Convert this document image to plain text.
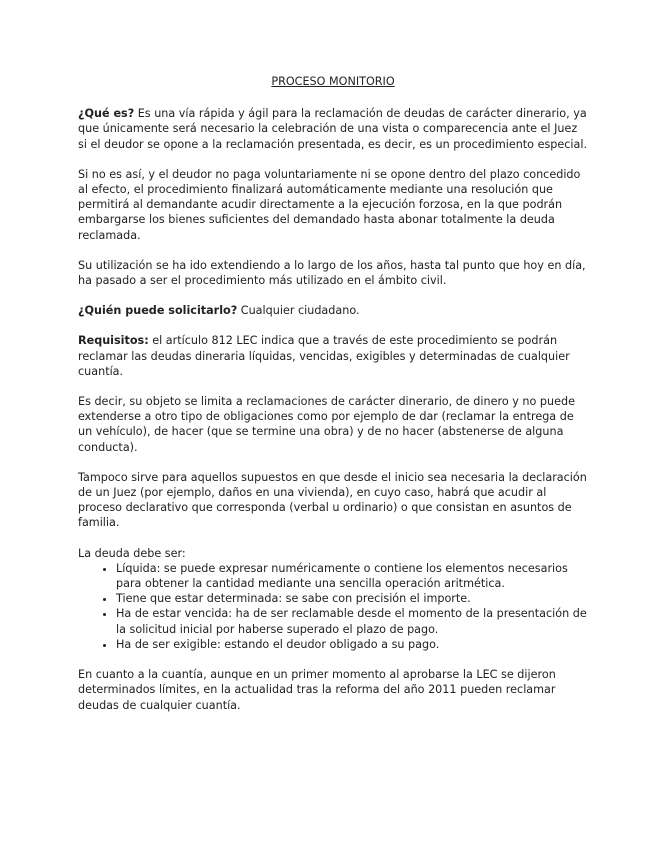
PROCESO MONITORIO

¿Qué es? Es una vía rápida y ágil para la reclamación de deudas de carácter dinerario, ya que únicamente será necesario la celebración de una vista o comparecencia ante el Juez si el deudor se opone a la reclamación presentada, es decir, es un procedimiento especial.

Si no es así, y el deudor no paga voluntariamente ni se opone dentro del plazo concedido al efecto, el procedimiento finalizará automáticamente mediante una resolución que permitirá al demandante acudir directamente a la ejecución forzosa, en la que podrán embargarse los bienes suficientes del demandado hasta abonar totalmente la deuda reclamada.

Su utilización se ha ido extendiendo a lo largo de los años, hasta tal punto que hoy en día, ha pasado a ser el procedimiento más utilizado en el ámbito civil.

¿Quién puede solicitarlo? Cualquier ciudadano.

Requisitos: el artículo 812 LEC indica que a través de este procedimiento se podrán reclamar las deudas dineraria líquidas, vencidas, exigibles y determinadas de cualquier cuantía.

Es decir, su objeto se limita a reclamaciones de carácter dinerario, de dinero y no puede extenderse a otro tipo de obligaciones como por ejemplo de dar (reclamar la entrega de un vehículo), de hacer (que se termine una obra) y de no hacer (abstenerse de alguna conducta).

Tampoco sirve para aquellos supuestos en que desde el inicio sea necesaria la declaración de un Juez (por ejemplo, daños en una vivienda), en cuyo caso, habrá que acudir al proceso declarativo que corresponda (verbal u ordinario) o que consistan en asuntos de familia.

La deuda debe ser:

• Líquida: se puede expresar numéricamente o contiene los elementos necesarios para obtener la cantidad mediante una sencilla operación aritmética.
• Tiene que estar determinada: se sabe con precisión el importe.
• Ha de estar vencida: ha de ser reclamable desde el momento de la presentación de la solicitud inicial por haberse superado el plazo de pago.
• Ha de ser exigible: estando el deudor obligado a su pago.

En cuanto a la cuantía, aunque en un primer momento al aprobarse la LEC se dijeron determinados límites, en la actualidad tras la reforma del año 2011 pueden reclamar deudas de cualquier cuantía.
